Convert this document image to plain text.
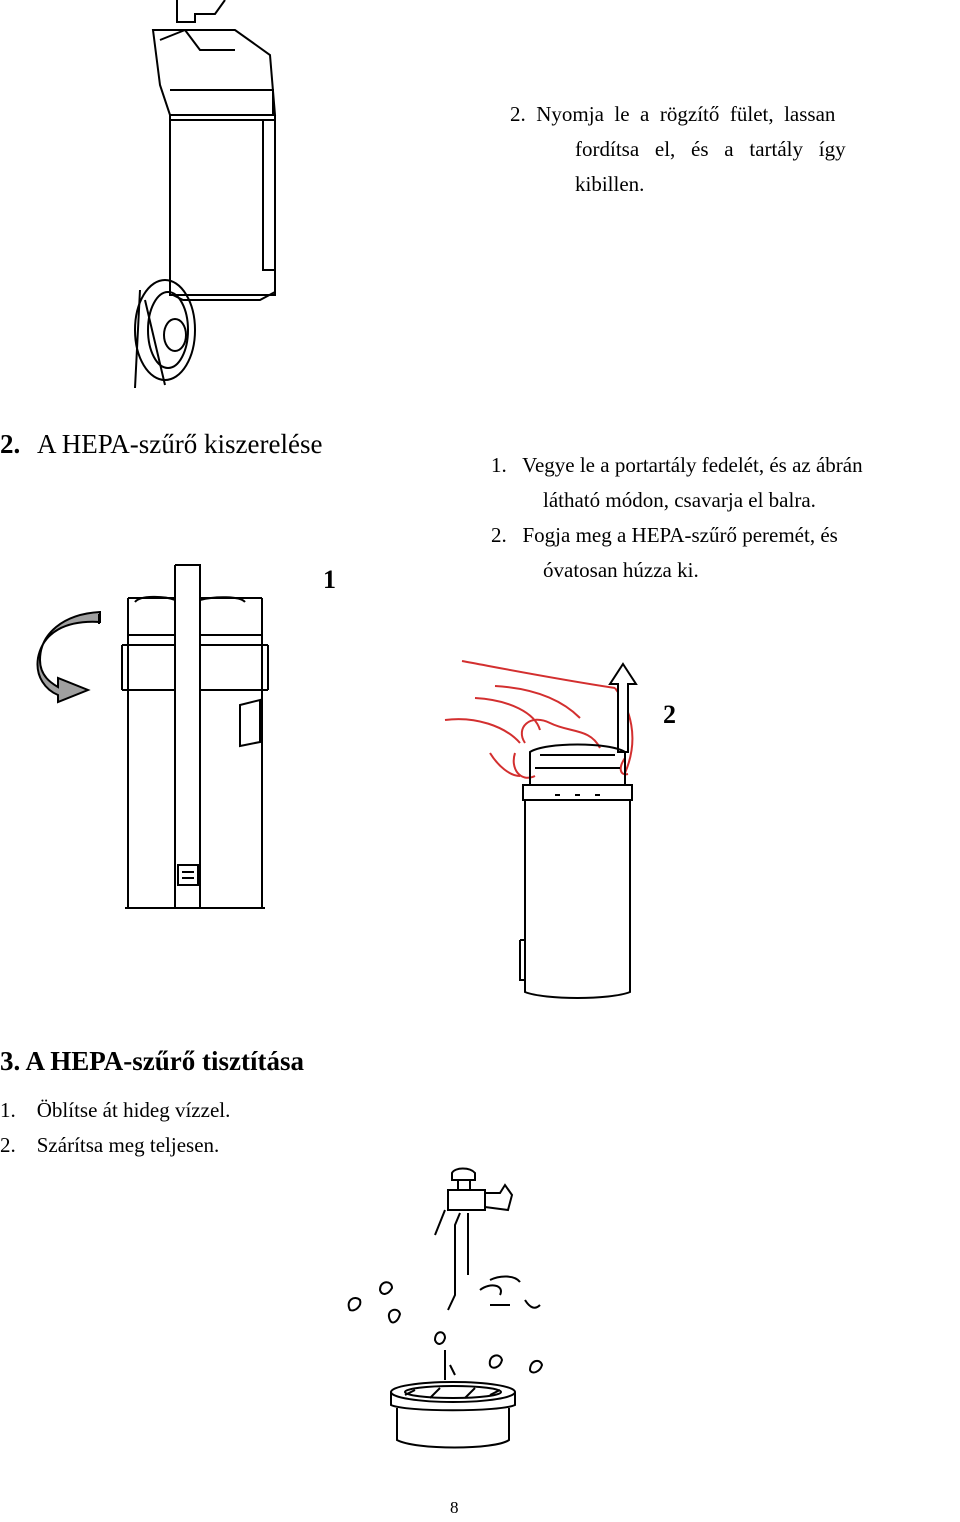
2.  Nyomja  le  a  rögzítő  fület,  lassan
fordítsa   el,   és   a   tartály   így
kibillen.
2. A HEPA-szűrő kiszerelése
1.   Vegye le a portartály fedelét, és az ábrán
látható módon, csavarja el balra.
2.   Fogja meg a HEPA-szűrő peremét, és
óvatosan húzza ki.
1
2
3. A HEPA-szűrő tisztítása
1.    Öblítse át hideg vízzel.
2.    Szárítsa meg teljesen.
8
